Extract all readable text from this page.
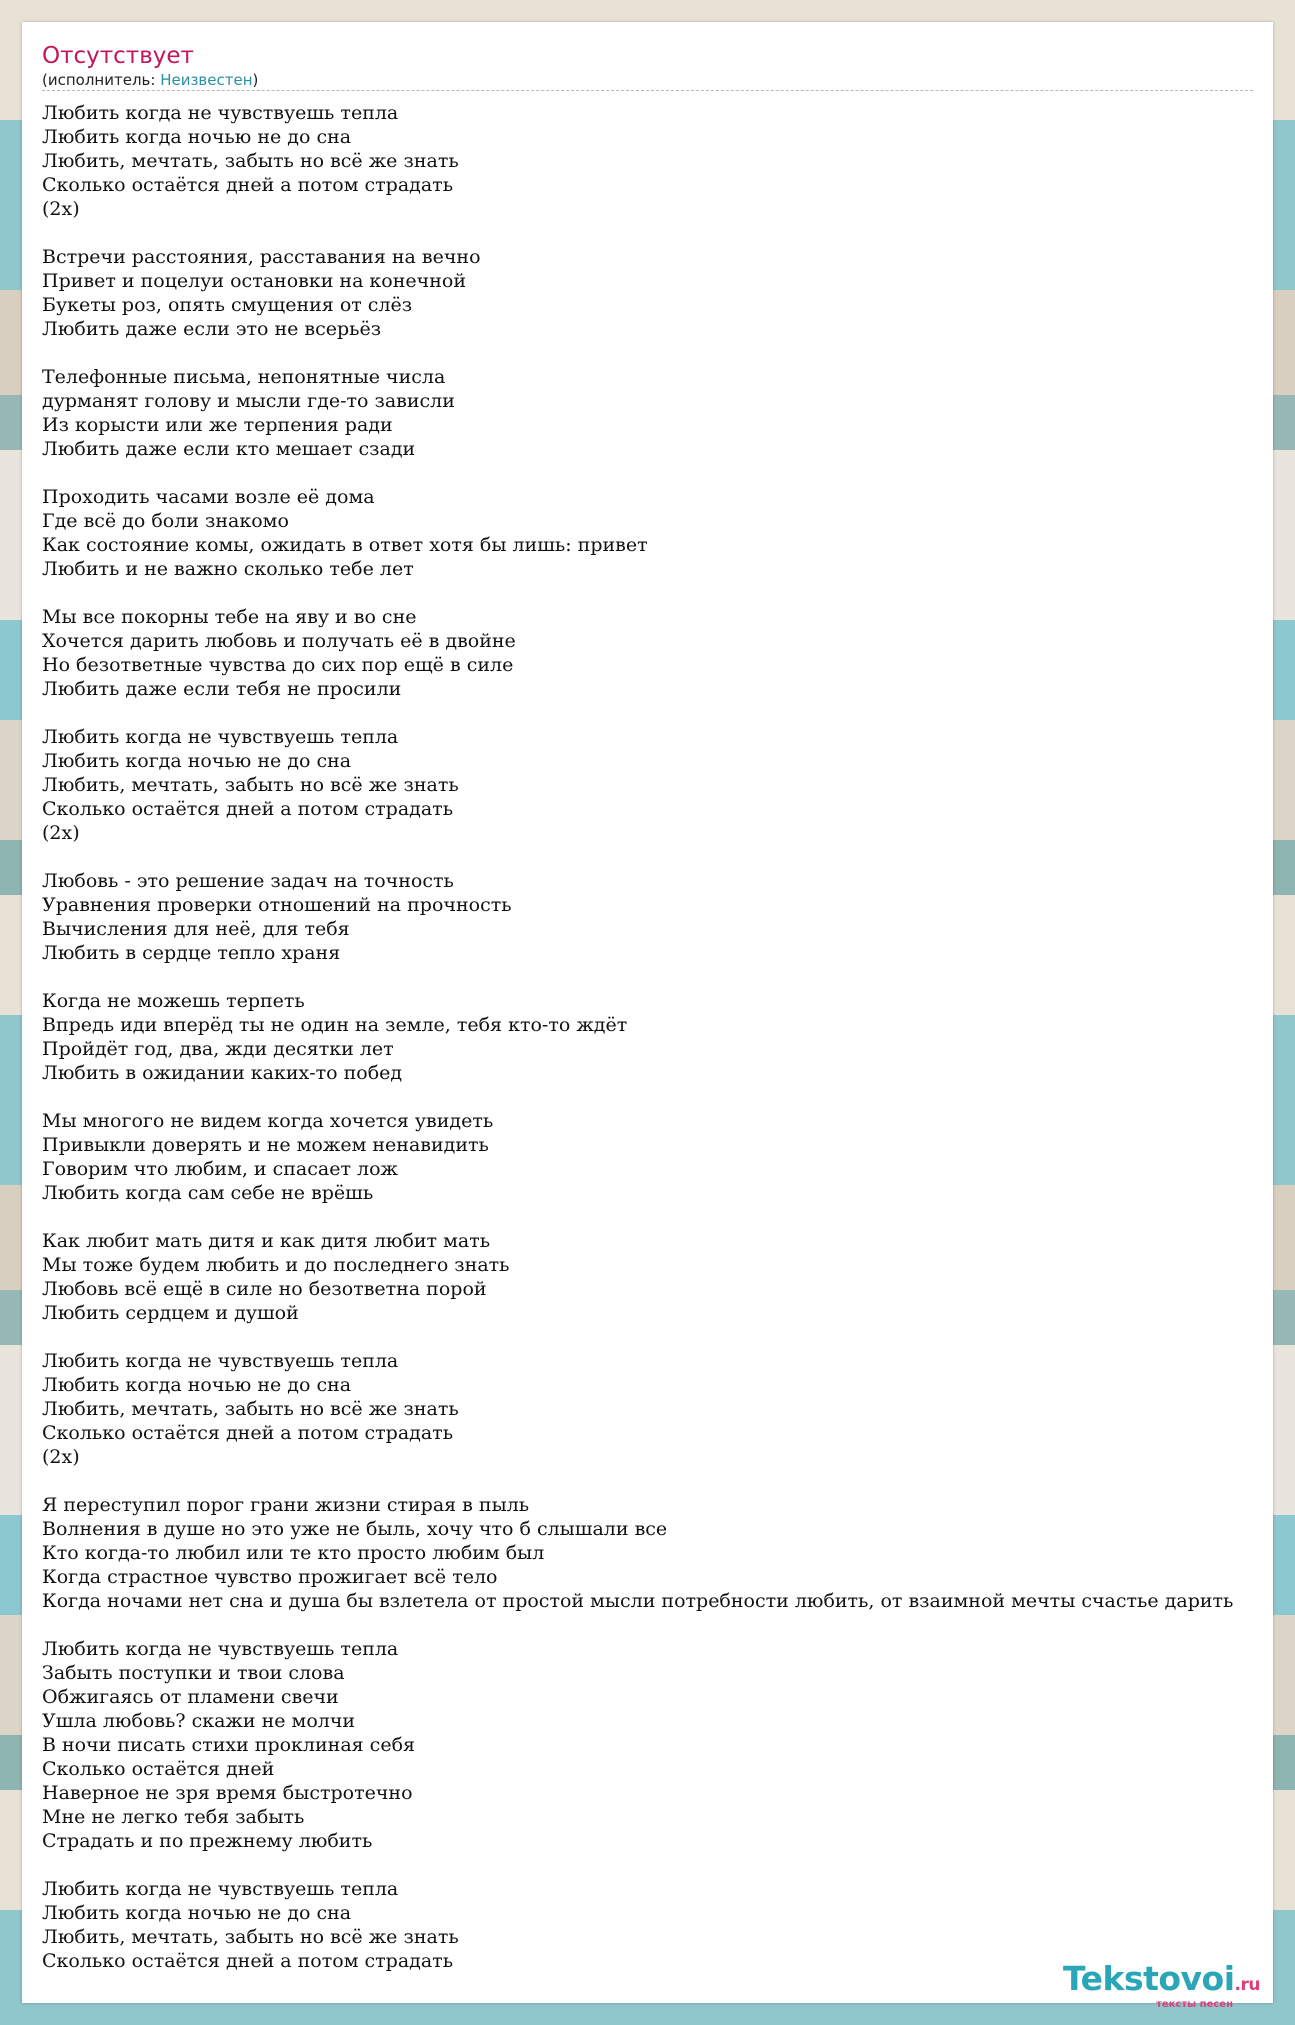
Отсутствует
(исполнитель: Неизвестен)
Любить когда не чувствуешь тепла
Любить когда ночью не до сна
Любить, мечтать, забыть но всё же знать
Сколько остаётся дней а потом страдать
(2x)

Встречи расстояния, расставания на вечно
Привет и поцелуи остановки на конечной
Букеты роз, опять смущения от слёз
Любить даже если это не всерьёз

Телефонные письма, непонятные числа
дурманят голову и мысли где-то зависли
Из корысти или же терпения ради
Любить даже если кто мешает сзади

Проходить часами возле её дома
Где всё до боли знакомо
Как состояние комы, ожидать в ответ хотя бы лишь: привет
Любить и не важно сколько тебе лет

Мы все покорны тебе на яву и во сне
Хочется дарить любовь и получать её в двойне
Но безответные чувства до сих пор ещё в силе
Любить даже если тебя не просили

Любить когда не чувствуешь тепла
Любить когда ночью не до сна
Любить, мечтать, забыть но всё же знать
Сколько остаётся дней а потом страдать
(2x)

Любовь - это решение задач на точность
Уравнения проверки отношений на прочность
Вычисления для неё, для тебя
Любить в сердце тепло храня

Когда не можешь терпеть
Впредь иди вперёд ты не один на земле, тебя кто-то ждёт
Пройдёт год, два, жди десятки лет
Любить в ожидании каких-то побед

Мы многого не видем когда хочется увидеть
Привыкли доверять и не можем ненавидить
Говорим что любим, и спасает лож
Любить когда сам себе не врёшь

Как любит мать дитя и как дитя любит мать
Мы тоже будем любить и до последнего знать
Любовь всё ещё в силе но безответна порой
Любить сердцем и душой

Любить когда не чувствуешь тепла
Любить когда ночью не до сна
Любить, мечтать, забыть но всё же знать
Сколько остаётся дней а потом страдать
(2x)

Я переступил порог грани жизни стирая в пыль
Волнения в душе но это уже не быль, хочу что б слышали все
Кто когда-то любил или те кто просто любим был
Когда страстное чувство прожигает всё тело
Когда ночами нет сна и душа бы взлетела от простой мысли потребности любить, от взаимной мечты счастье дарить

Любить когда не чувствуешь тепла
Забыть поступки и твои слова
Обжигаясь от пламени свечи
Ушла любовь? скажи не молчи
В ночи писать стихи проклиная себя
Сколько остаётся дней
Наверное не зря время быстротечно
Мне не легко тебя забыть
Страдать и по прежнему любить

Любить когда не чувствуешь тепла
Любить когда ночью не до сна
Любить, мечтать, забыть но всё же знать
Сколько остаётся дней а потом страдать	Tekstovoi.ru
тексты песен
